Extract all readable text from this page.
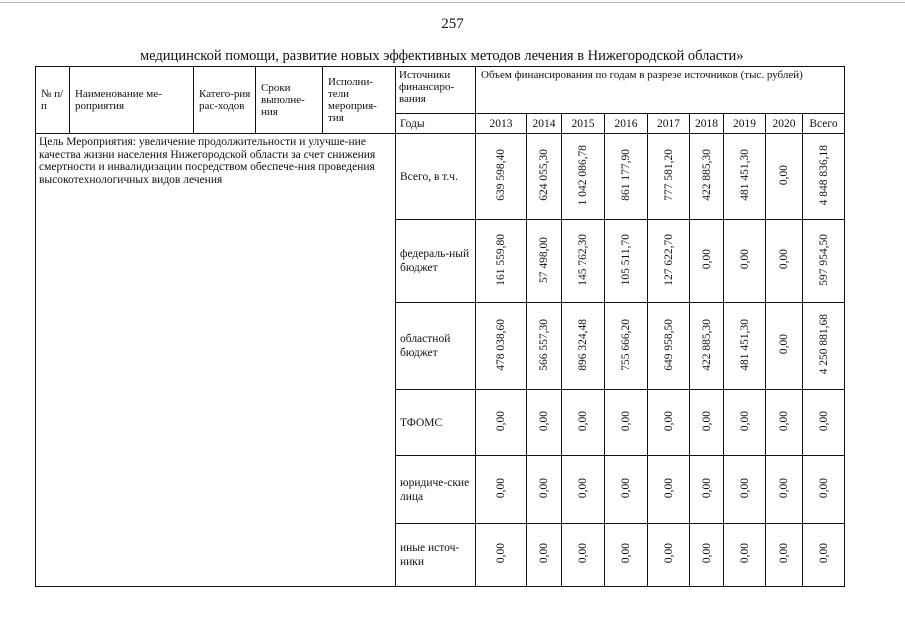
257
медицинской помощи, развитие новых эффективных методов лечения в Нижегородской области»
№ п/п	Наименование ме-роприятия	Катего-рия рас-ходов	Сроки выполне-ния	Исполни-тели мероприя-тия	Источники финансиро-вания	Объем финансирования по годам в разрезе источников (тыс. рублей)								
					Годы	2013	2014	2015	2016	2017	2018	2019	2020	Всего
Цель Мероприятия: увеличение продолжительности и улучше-ние качества жизни населения Нижегородской области за счет снижения смертности и инвалидизации посредством обеспече-ния проведения высокотехнологичных видов лечения					Всего, в т.ч.	639 598,40	624 055,30	1 042 086,78	861 177,90	777 581,20	422 885,30	481 451,30	0,00	4 848 836,18
					федераль-ный бюджет	161 559,80	57 498,00	145 762,30	105 511,70	127 622,70	0,00	0,00	0,00	597 954,50
					областной бюджет	478 038,60	566 557,30	896 324,48	755 666,20	649 958,50	422 885,30	481 451,30	0,00	4 250 881,68
					ТФОМС	0,00	0,00	0,00	0,00	0,00	0,00	0,00	0,00	0,00
					юридиче-ские лица	0,00	0,00	0,00	0,00	0,00	0,00	0,00	0,00	0,00
					иные источ-ники	0,00	0,00	0,00	0,00	0,00	0,00	0,00	0,00	0,00
